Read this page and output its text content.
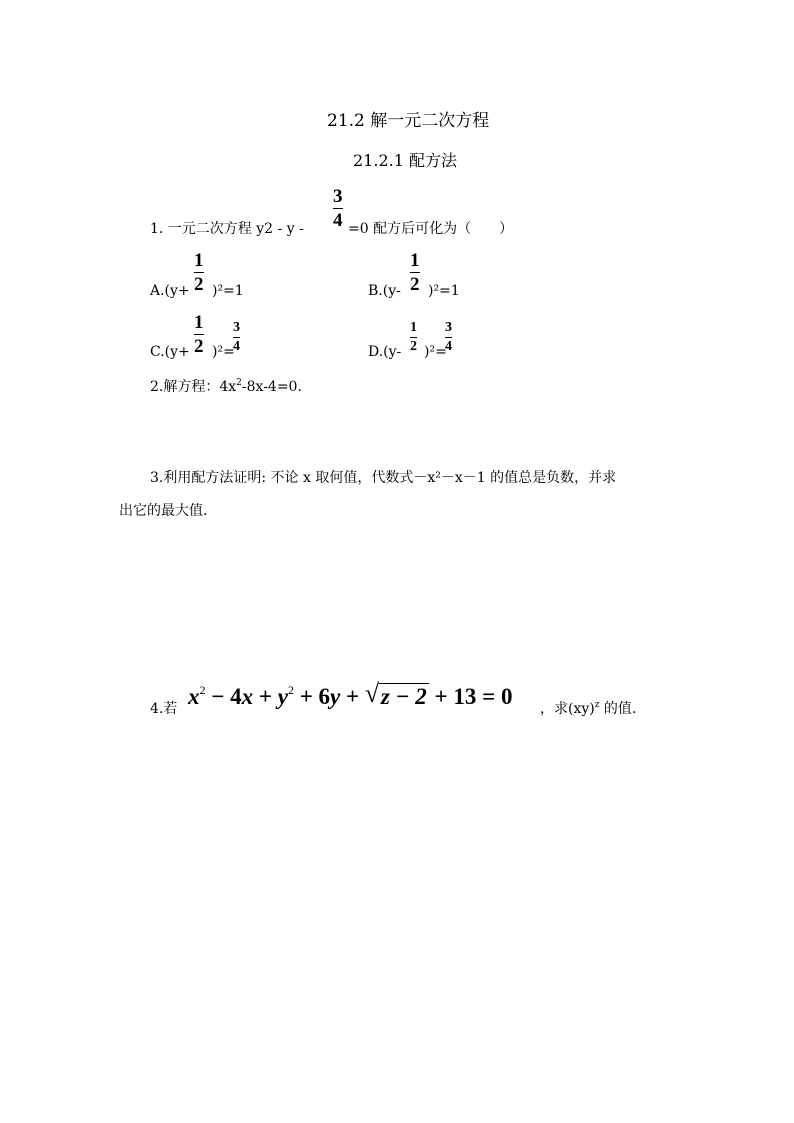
21.2 解一元二次方程
21.2.1 配方法
1. 一元二次方程 y2 - y -
3
4 =0 配方后可化为（　　）
A.(y+
1
2 )²=1	B.(y-
1
2 )²=1
C.(y+
1
2 )²=
3
4	D.(y-
1
2 )²=
3
4
2.解方程：$4x^2-8x-4=0$.
3.利用配方法证明: 不论 x 取何值，代数式－x²－x－1 的值总是负数，并求
出它的最大值.
4.若 $x^2 - 4x + y^2 + 6y$ + √ z − 2 + 13 = 0 ，求(xy)$^z$ 的值.
